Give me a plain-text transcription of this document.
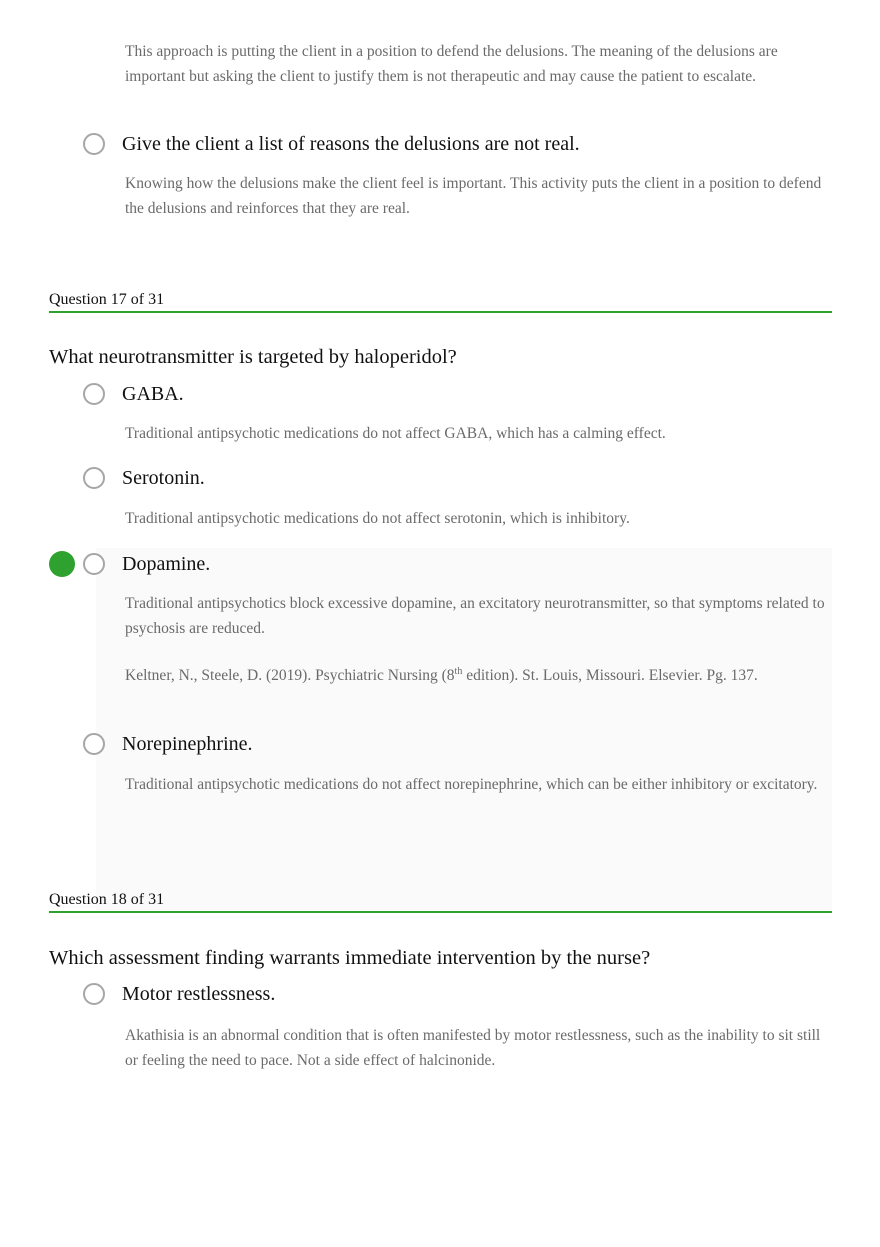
This approach is putting the client in a position to defend the delusions. The meaning of the delusions are important but asking the client to justify them is not therapeutic and may cause the patient to escalate.

Give the client a list of reasons the delusions are not real.

Knowing how the delusions make the client feel is important. This activity puts the client in a position to defend the delusions and reinforces that they are real.

Question 17 of 31
What neurotransmitter is targeted by haloperidol?
GABA.

Traditional antipsychotic medications do not affect GABA, which has a calming effect.

Serotonin.

Traditional antipsychotic medications do not affect serotonin, which is inhibitory.

Dopamine.

Traditional antipsychotics block excessive dopamine, an excitatory neurotransmitter, so that symptoms related to psychosis are reduced.

Keltner, N., Steele, D. (2019). Psychiatric Nursing (8th edition). St. Louis, Missouri. Elsevier. Pg. 137.

Norepinephrine.

Traditional antipsychotic medications do not affect norepinephrine, which can be either inhibitory or excitatory.

Question 18 of 31
Which assessment finding warrants immediate intervention by the nurse?
Motor restlessness.

Akathisia is an abnormal condition that is often manifested by motor restlessness, such as the inability to sit still or feeling the need to pace. Not a side effect of halcinonide.
